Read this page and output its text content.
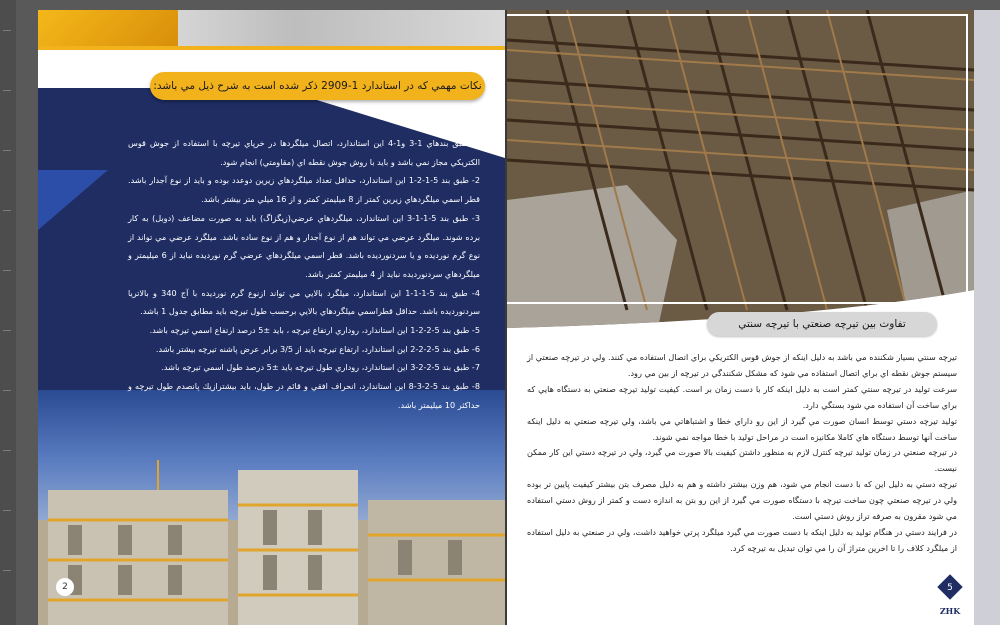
نكات مهمي كه در استاندارد 1-2909 ذكر شده است به شرح ذيل مي باشد:

1- طبق بندهاي 1-3 و1-4 اين استاندارد، اتصال ميلگردها در خرپاي تيرچه با استفاده از جوش قوس الكتريكي مجاز نمي باشد و بايد با روش جوش نقطه اي (مقاومتي) انجام شود.

2- طبق بند 5-1-2-1 اين استاندارد، حداقل تعداد ميلگردهاي زيرين دوعدد بوده و بايد از نوع آجدار باشد. قطر اسمي ميلگردهاي زيرين كمتر از 8 ميليمتر كمتر و از 16 ميلي متر بيشتر باشد.

3- طبق بند 5-1-1-3 اين استاندارد، ميلگردهاي عرضي(زيگزاگ) بايد به صورت مضاعف (دوبل) به كار برده شوند. ميلگرد عرضي مي تواند هم از نوع آجدار و هم از نوع ساده باشد. ميلگرد عرضي مي تواند از نوع گرم نورديده و يا سردنورديده باشد. قطر اسمي ميلگردهاي عرضي گرم نورديده نبايد از 6 ميليمتر و ميلگردهاي سردنورديده نبايد از 4 ميليمتر كمتر باشد.

4- طبق بند 5-1-1-1 اين استاندارد، ميلگرد بالايي مي تواند ازنوع گرم نورديده با آج 340 و بالاتريا سردنورديده باشد. حداقل قطراسمي ميلگردهاي بالايي برحسب طول تيرچه بايد مطابق جدول 1 باشد.

5- طبق بند 5-2-2-1 اين استاندارد، روداري ارتفاع تيرچه ، بايد ±5 درصد ارتفاع اسمي تيرچه باشد.

6- طبق بند 5-2-2-2 اين استاندارد، ارتفاع تيرچه بايد از 3/5 برابر عرض پاشنه تيرچه بيشتر باشد.

7- طبق بند 5-2-2-3 اين استاندارد، روداري طول تيرچه بايد ±5 درصد طول اسمي تيرچه باشد.

8- طبق بند 5-2-3-8 اين استاندارد، انحراف افقي و قائم در طول، بايد بيشترازيك پانصدم طول تيرچه و حداكثر 10 ميليمتر باشد.

2
تفاوت بين تيرچه صنعتي با تيرچه سنتي

تيرچه سنتي بسيار شكننده مي باشد به دليل اينكه از جوش قوس الكتريكي براي اتصال استفاده مي كنند. ولي در تيرچه صنعتي از سيستم جوش نقطه اي براي اتصال استفاده مي شود كه مشكل شكنندگي در تيرچه از بين مي رود.

سرعت توليد در تيرچه سنتي كمتر است به دليل اينكه كار با دست زمان بر است. كيفيت توليد تيرچه صنعتي به دستگاه هايي كه براي ساخت آن استفاده مي شود بستگي دارد.

توليد تيرچه دستي توسط انسان صورت مي گيرد از اين رو داراي خطا و اشتباهاتي مي باشد، ولي تيرچه صنعتي به دليل اينكه ساخت آنها توسط دستگاه هاي كاملا مكانيزه است در مراحل توليد با خطا مواجه نمي شوند.

در تيرچه صنعتي در زمان توليد تيرچه كنترل لازم به منظور داشتن كيفيت بالا صورت مي گيرد، ولي در تيرچه دستي اين كار ممكن نيست.

تيرچه دستي به دليل اين كه با دست انجام مي شود، هم وزن بيشتر داشته و هم به دليل مصرف بتن بيشتر كيفيت پايين تر بوده ولي در تيرچه صنعتي چون ساخت تيرچه با دستگاه صورت مي گيرد از اين رو بتن به اندازه دست و كمتر از روش دستي استفاده مي شود مقرون به صرفه تراز روش دستي است.

در فرايند دستي در هنگام توليد به دليل اينكه با دست صورت مي گيرد ميلگرد پرتي خواهيد داشت، ولي در صنعتي به دليل استفاده از ميلگرد كلاف را تا اخرين متراژ آن را مي توان تبديل به تيرچه كرد.

5
ZHK
